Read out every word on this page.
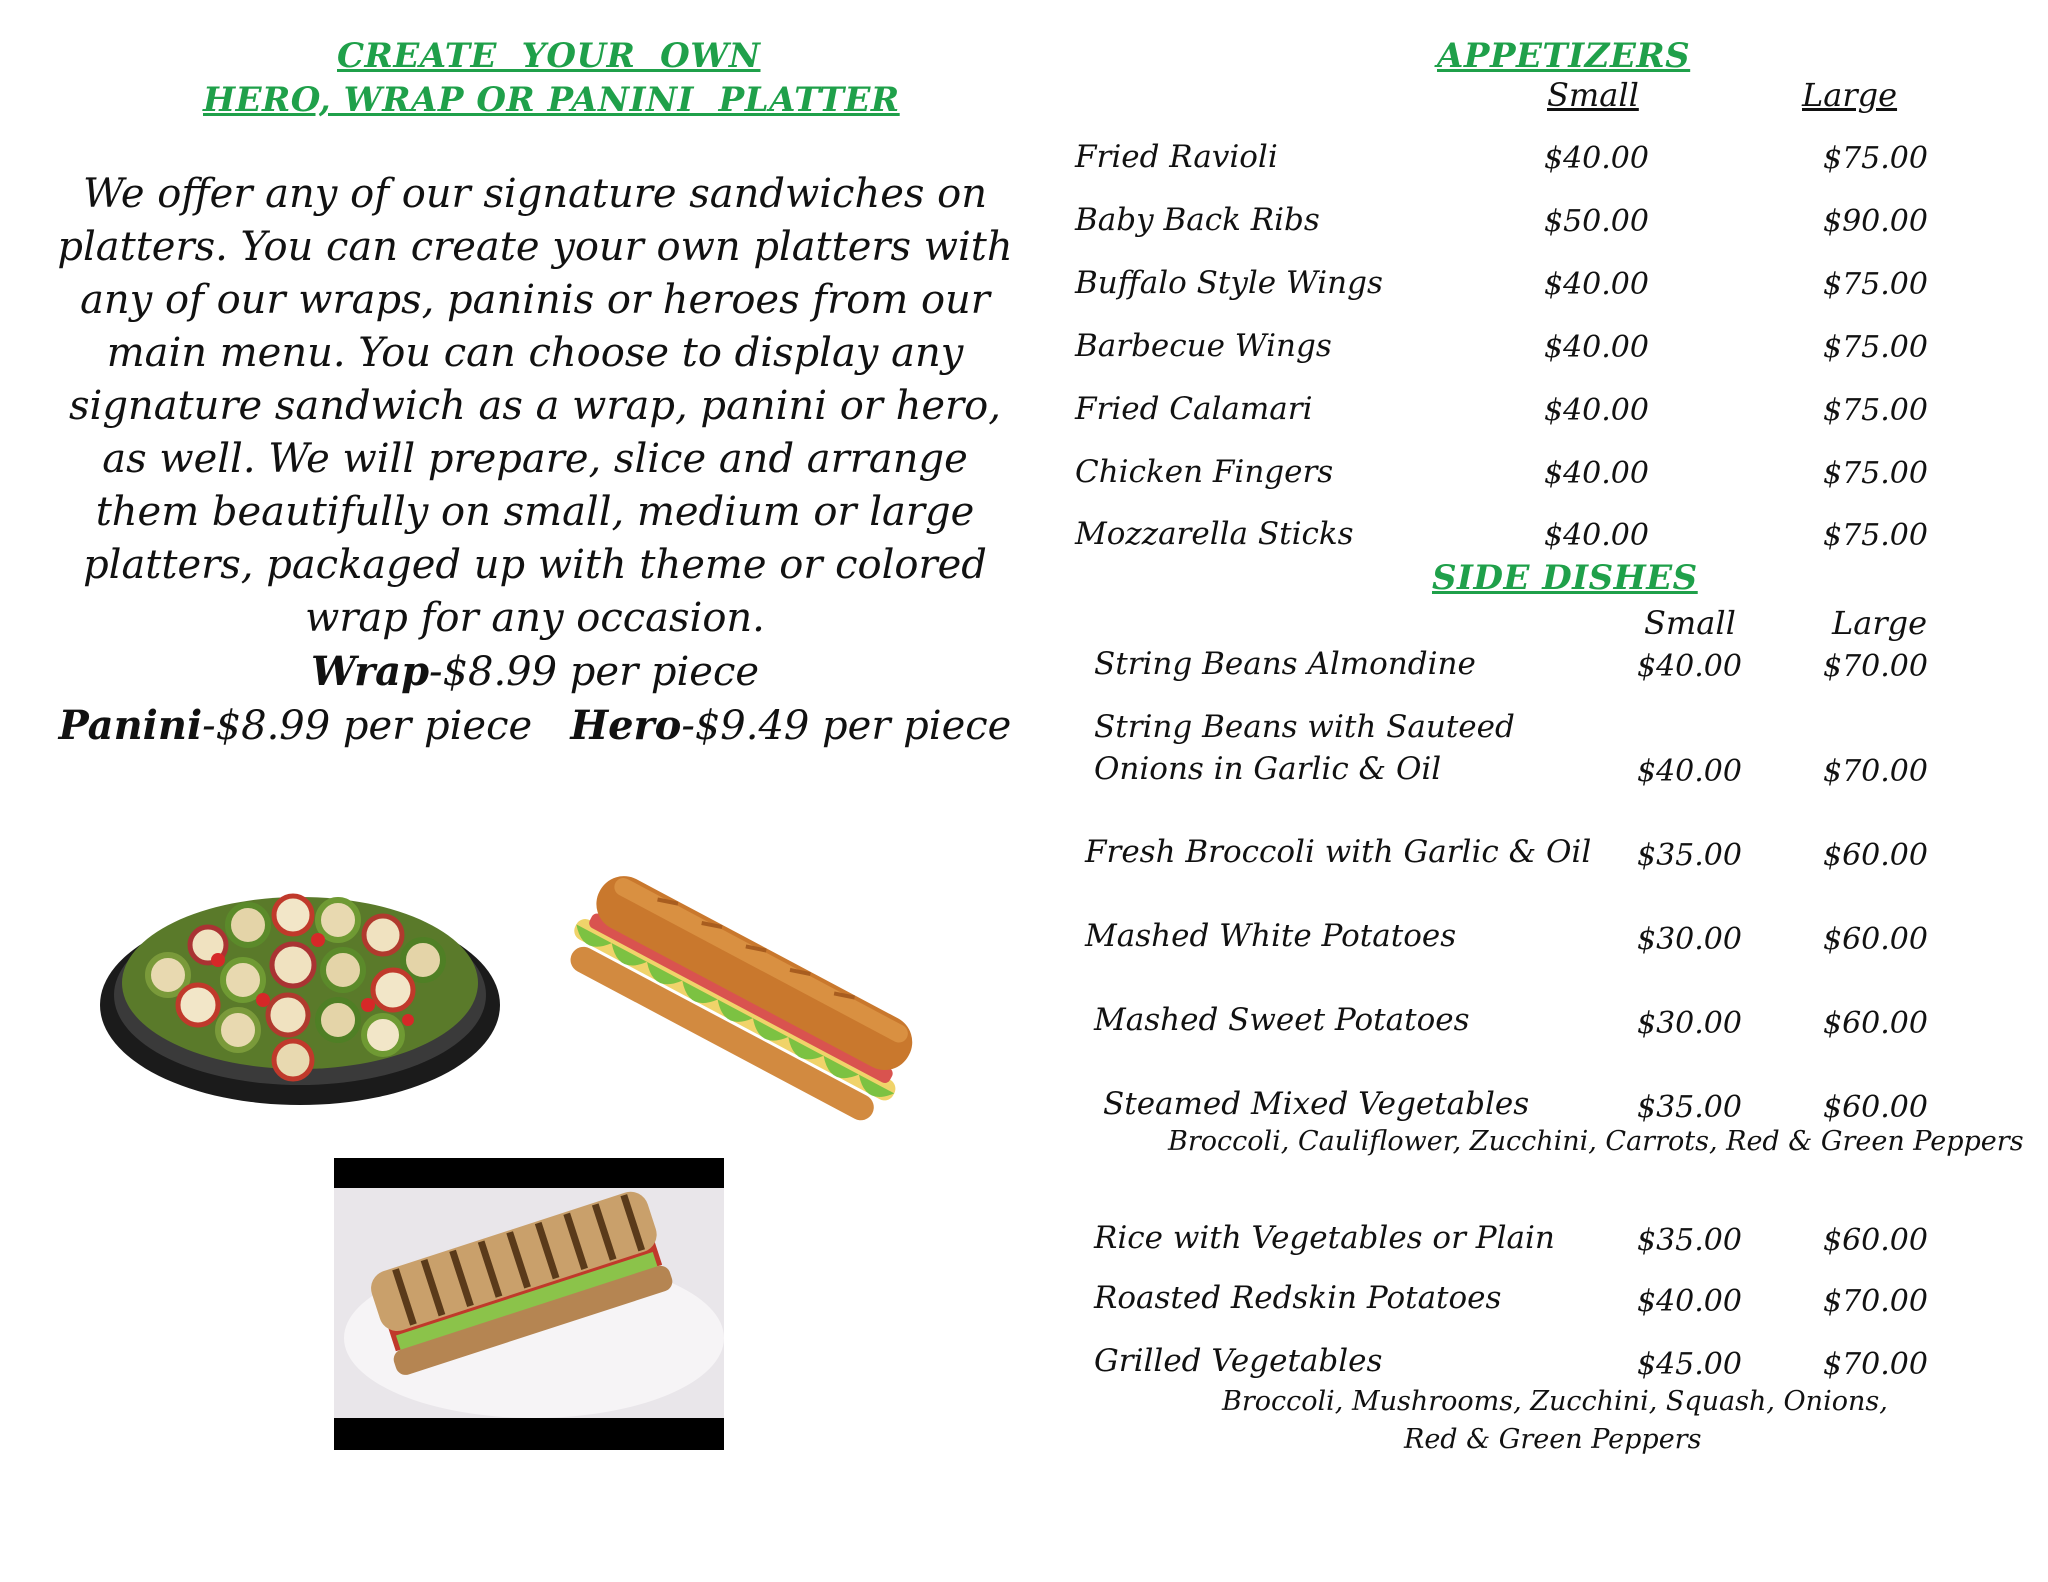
CREATE  YOUR  OWN
HERO, WRAP OR PANINI  PLATTER
We offer any of our signature sandwiches on platters. You can create your own platters with any of our wraps, paninis or heroes from our main menu. You can choose to display any signature sandwich as a wrap, panini or hero, as well. We will prepare, slice and arrange them beautifully on small, medium or large platters, packaged up with theme or colored wrap for any occasion.
Wrap-$8.99 per piece
Panini-$8.99 per piece Hero-$9.49 per piece
APPETIZERS
Small	Large
Fried Ravioli	$40.00	$75.00
Baby Back Ribs	$50.00	$90.00
Buffalo Style Wings	$40.00	$75.00
Barbecue Wings	$40.00	$75.00
Fried Calamari	$40.00	$75.00
Chicken Fingers	$40.00	$75.00
Mozzarella Sticks	$40.00	$75.00
SIDE DISHES
Small	Large
String Beans Almondine	$40.00	$70.00
String Beans with Sauteed
Onions in Garlic & Oil	$40.00	$70.00
Fresh Broccoli with Garlic & Oil $35.00	$60.00
Mashed White Potatoes	$30.00	$60.00
Mashed Sweet Potatoes	$30.00	$60.00
Steamed Mixed Vegetables	$35.00	$60.00
Broccoli, Cauliflower, Zucchini, Carrots, Red & Green Peppers
Rice with Vegetables or Plain	$35.00	$60.00
Roasted Redskin Potatoes	$40.00	$70.00
Grilled Vegetables	$45.00	$70.00
Broccoli, Mushrooms, Zucchini, Squash, Onions,
Red & Green Peppers
